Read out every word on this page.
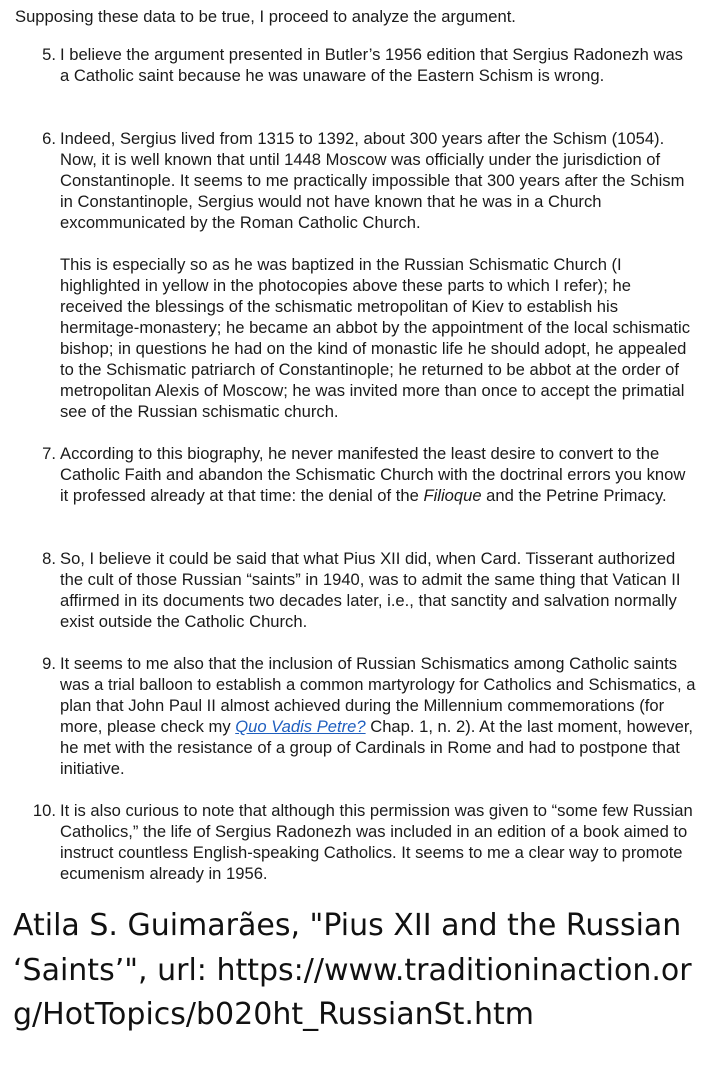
Supposing these data to be true, I proceed to analyze the argument.

5. I believe the argument presented in Butler’s 1956 edition that Sergius Radonezh was a Catholic saint because he was unaware of the Eastern Schism is wrong.

6. Indeed, Sergius lived from 1315 to 1392, about 300 years after the Schism (1054). Now, it is well known that until 1448 Moscow was officially under the jurisdiction of Constantinople. It seems to me practically impossible that 300 years after the Schism in Constantinople, Sergius would not have known that he was in a Church excommunicated by the Roman Catholic Church.

This is especially so as he was baptized in the Russian Schismatic Church (I highlighted in yellow in the photocopies above these parts to which I refer); he received the blessings of the schismatic metropolitan of Kiev to establish his hermitage-monastery; he became an abbot by the appointment of the local schismatic bishop; in questions he had on the kind of monastic life he should adopt, he appealed to the Schismatic patriarch of Constantinople; he returned to be abbot at the order of metropolitan Alexis of Moscow; he was invited more than once to accept the primatial see of the Russian schismatic church.

7. According to this biography, he never manifested the least desire to convert to the Catholic Faith and abandon the Schismatic Church with the doctrinal errors you know it professed already at that time: the denial of the Filioque and the Petrine Primacy.

8. So, I believe it could be said that what Pius XII did, when Card. Tisserant authorized the cult of those Russian “saints” in 1940, was to admit the same thing that Vatican II affirmed in its documents two decades later, i.e., that sanctity and salvation normally exist outside the Catholic Church.

9. It seems to me also that the inclusion of Russian Schismatics among Catholic saints was a trial balloon to establish a common martyrology for Catholics and Schismatics, a plan that John Paul II almost achieved during the Millennium commemorations (for more, please check my Quo Vadis Petre? Chap. 1, n. 2). At the last moment, however, he met with the resistance of a group of Cardinals in Rome and had to postpone that initiative.

10. It is also curious to note that although this permission was given to “some few Russian Catholics,” the life of Sergius Radonezh was included in an edition of a book aimed to instruct countless English-speaking Catholics. It seems to me a clear way to promote ecumenism already in 1956.

Atila S. Guimarães, "Pius XII and the Russian ‘Saints’", url: https://www.traditioninaction.org/HotTopics/b020ht_RussianSt.htm
